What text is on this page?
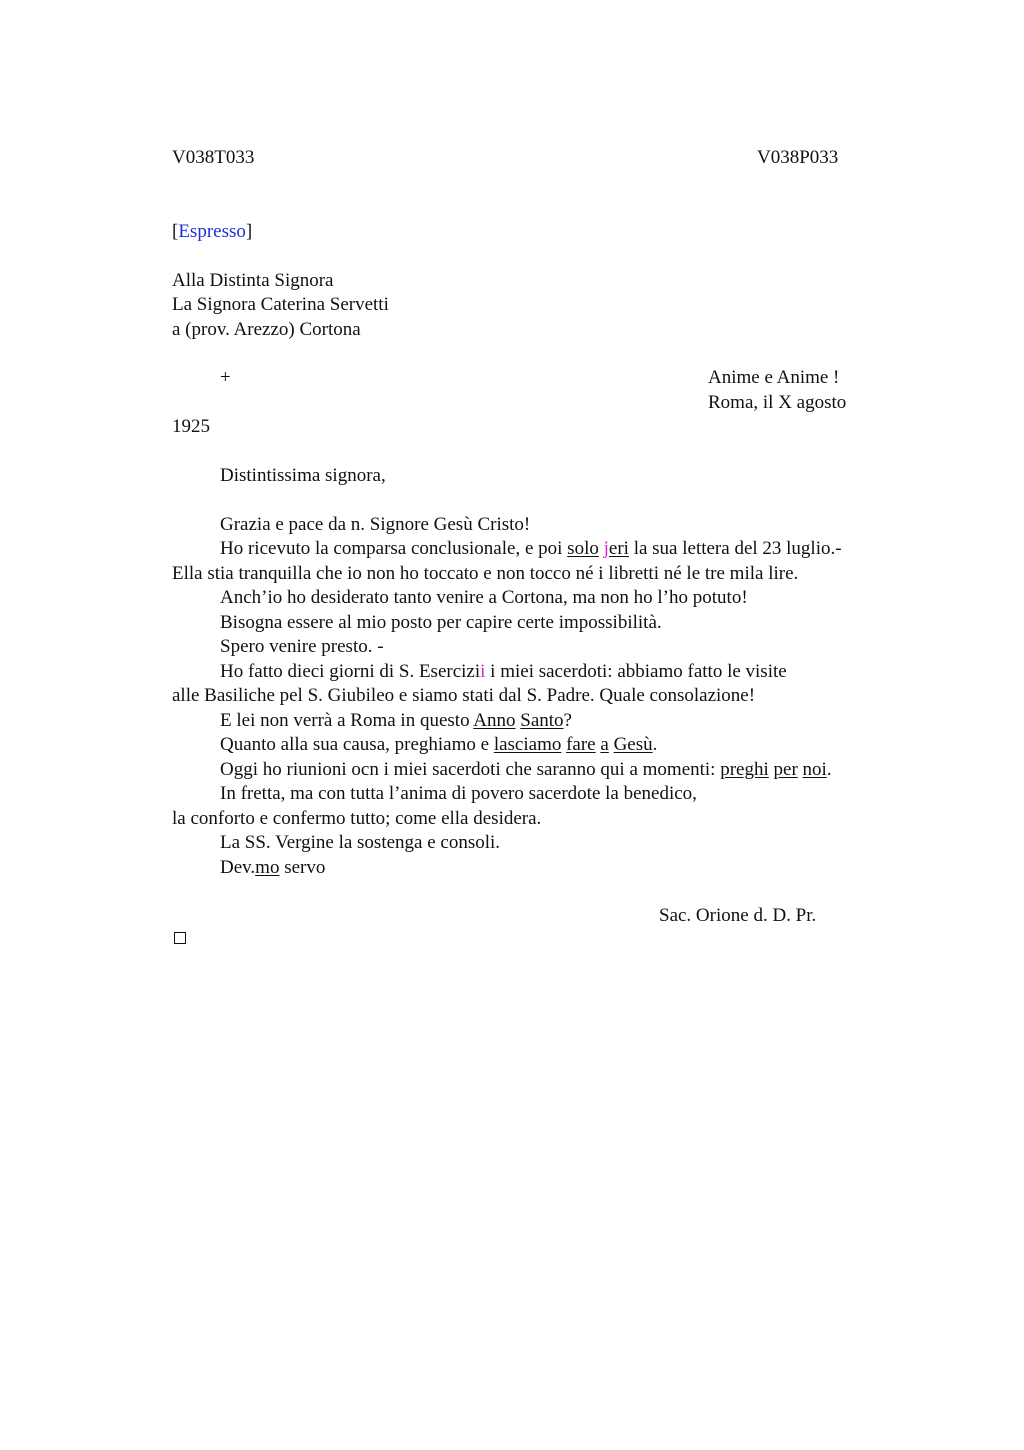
V038T033	V038P033
[Espresso]
Alla Distinta Signora
La Signora Caterina Servetti
a (prov. Arezzo) Cortona
+	Anime e Anime !
Roma, il X agosto
1925
Distintissima signora,
Grazia e pace da n. Signore Gesù Cristo!
Ho ricevuto la comparsa conclusionale, e poi solo jeri la sua lettera del 23 luglio.-
Ella stia tranquilla che io non ho toccato e non tocco né i libretti né le tre mila lire.
Anch’io ho desiderato tanto venire a Cortona, ma non ho l’ho potuto!
Bisogna essere al mio posto per capire certe impossibilità.
Spero venire presto. -
Ho fatto dieci giorni di S. Esercizii i miei sacerdoti: abbiamo fatto le visite
alle Basiliche pel S. Giubileo e siamo stati dal S. Padre. Quale consolazione!
E lei non verrà a Roma in questo Anno Santo?
Quanto alla sua causa, preghiamo e lasciamo fare a Gesù.
Oggi ho riunioni ocn i miei sacerdoti che saranno qui a momenti: preghi per noi.
In fretta, ma con tutta l’anima di povero sacerdote la benedico,
la conforto e confermo tutto; come ella desidera.
La SS. Vergine la sostenga e consoli.
Dev.mo servo
Sac. Orione d. D. Pr.
